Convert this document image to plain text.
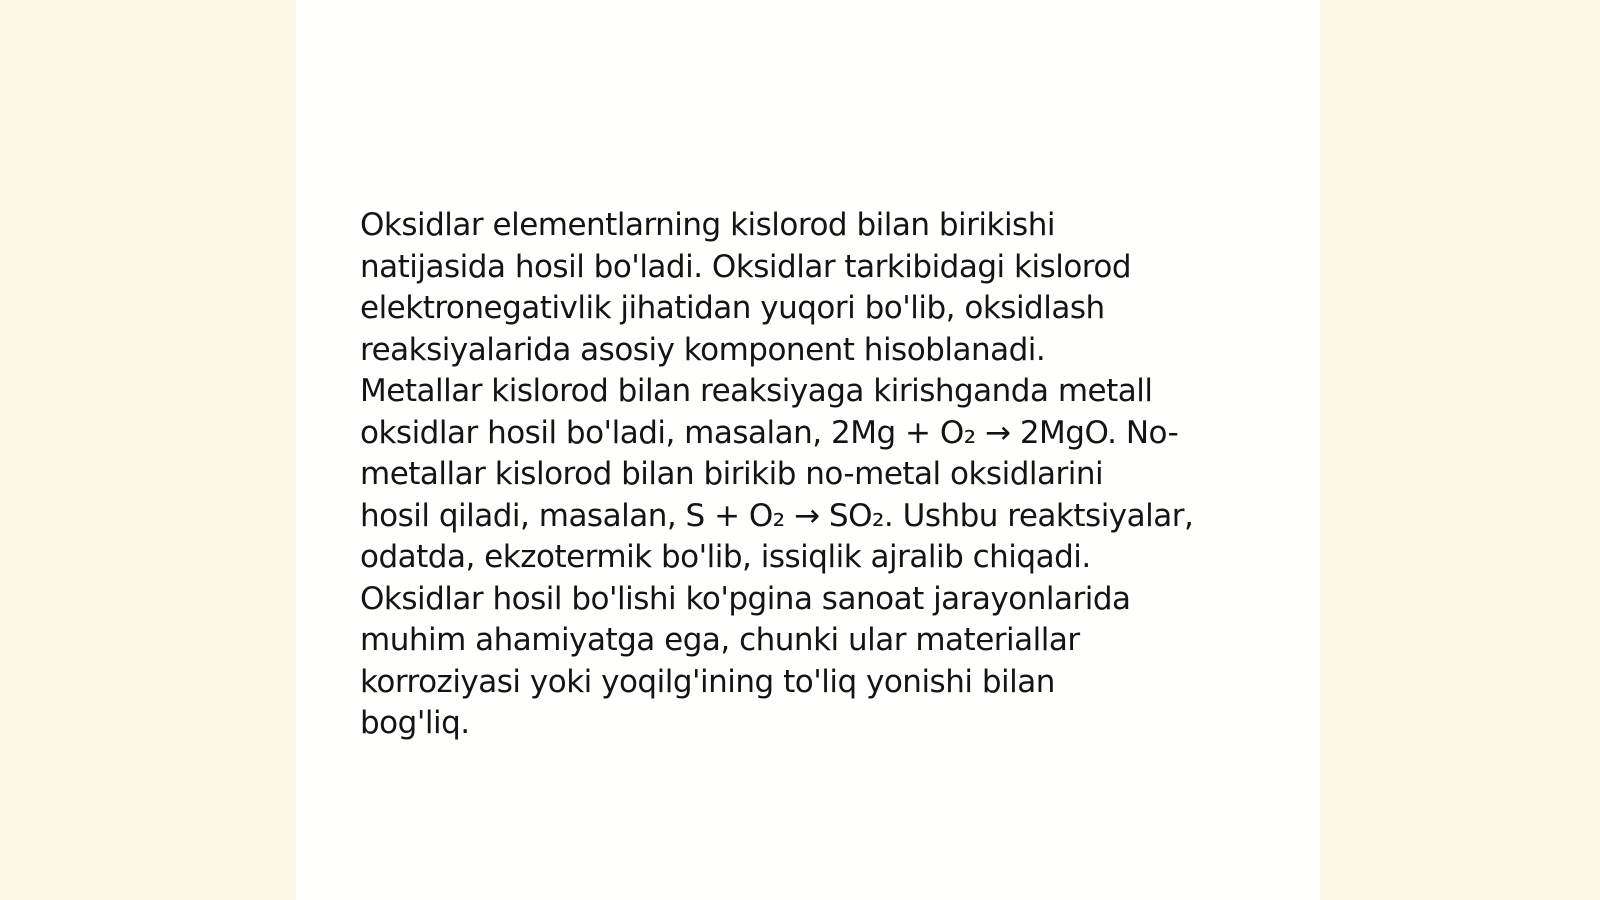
Oksidlar elementlarning kislorod bilan birikishi
natijasida hosil bo'ladi. Oksidlar tarkibidagi kislorod
elektronegativlik jihatidan yuqori bo'lib, oksidlash
reaksiyalarida asosiy komponent hisoblanadi.
Metallar kislorod bilan reaksiyaga kirishganda metall
oksidlar hosil bo'ladi, masalan, 2Mg + O₂ → 2MgO. No-
metallar kislorod bilan birikib no-metal oksidlarini
hosil qiladi, masalan, S + O₂ → SO₂. Ushbu reaktsiyalar,
odatda, ekzotermik bo'lib, issiqlik ajralib chiqadi.
Oksidlar hosil bo'lishi ko'pgina sanoat jarayonlarida
muhim ahamiyatga ega, chunki ular materiallar
korroziyasi yoki yoqilg'ining to'liq yonishi bilan
bog'liq.
